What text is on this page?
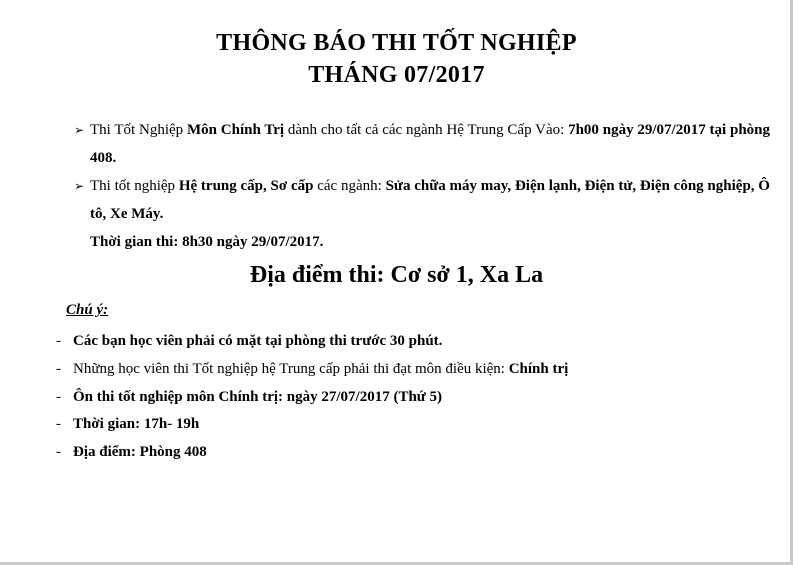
THÔNG BÁO THI TỐT NGHIỆP
THÁNG 07/2017
➢ Thi Tốt Nghiệp Môn Chính Trị dành cho tất cả các ngành Hệ Trung Cấp Vào: 7h00 ngày 29/07/2017 tại phòng 408.
➢ Thi tốt nghiệp Hệ trung cấp, Sơ cấp các ngành: Sửa chữa máy may, Điện lạnh, Điện tử, Điện công nghiệp, Ô tô, Xe Máy.
Thời gian thi: 8h30 ngày 29/07/2017.
Địa điểm thi: Cơ sở 1, Xa La
Chú ý:
- Các bạn học viên phải có mặt tại phòng thi trước 30 phút.
- Những học viên thi Tốt nghiệp hệ Trung cấp phải thi đạt môn điều kiện: Chính trị
- Ôn thi tốt nghiệp môn Chính trị: ngày 27/07/2017 (Thứ 5)
- Thời gian: 17h- 19h
- Địa điểm: Phòng 408
